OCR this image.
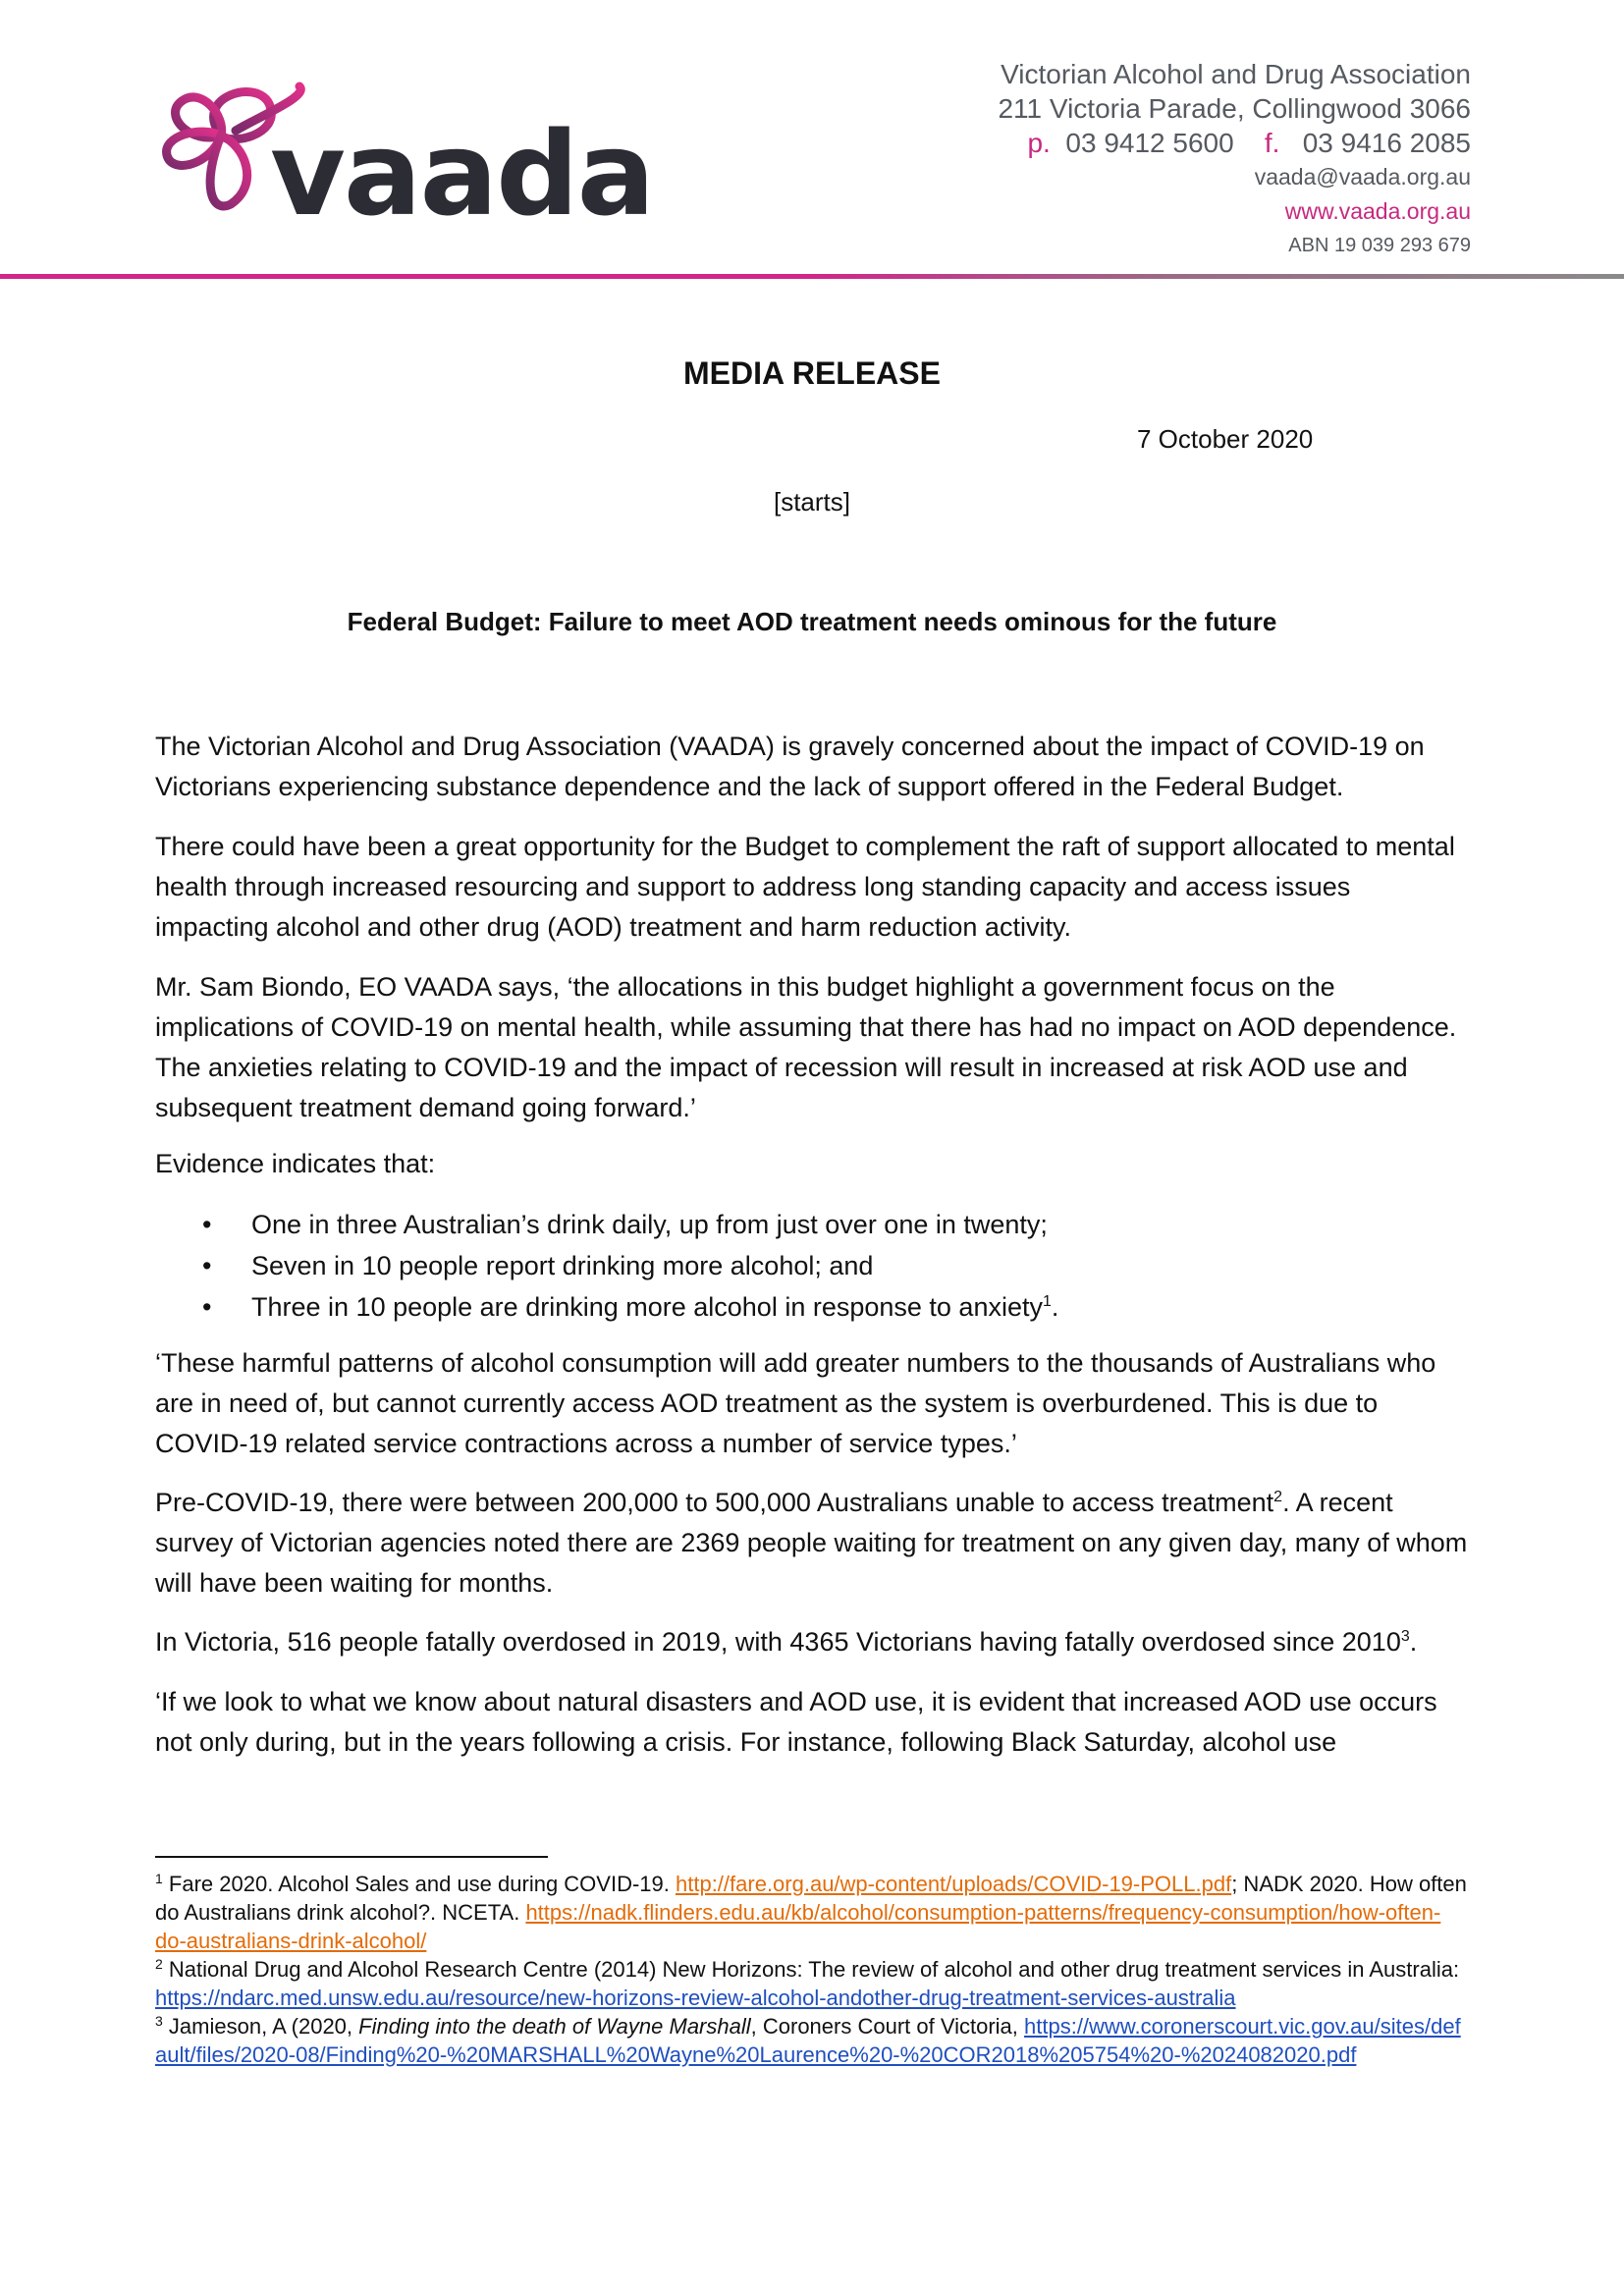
vaada
Victorian Alcohol and Drug Association
211 Victoria Parade, Collingwood 3066
p. 03 9412 5600 f. 03 9416 2085
vaada@vaada.org.au
www.vaada.org.au
ABN 19 039 293 679
MEDIA RELEASE
7 October 2020
[starts]
Federal Budget: Failure to meet AOD treatment needs ominous for the future

The Victorian Alcohol and Drug Association (VAADA) is gravely concerned about the impact of COVID-19 on Victorians experiencing substance dependence and the lack of support offered in the Federal Budget.

There could have been a great opportunity for the Budget to complement the raft of support allocated to mental health through increased resourcing and support to address long standing capacity and access issues impacting alcohol and other drug (AOD) treatment and harm reduction activity.

Mr. Sam Biondo, EO VAADA says, ‘the allocations in this budget highlight a government focus on the implications of COVID-19 on mental health, while assuming that there has had no impact on AOD dependence. The anxieties relating to COVID-19 and the impact of recession will result in increased at risk AOD use and subsequent treatment demand going forward.’

Evidence indicates that:

• One in three Australian’s drink daily, up from just over one in twenty;
• Seven in 10 people report drinking more alcohol; and
• Three in 10 people are drinking more alcohol in response to anxiety$^1$.

‘These harmful patterns of alcohol consumption will add greater numbers to the thousands of Australians who are in need of, but cannot currently access AOD treatment as the system is overburdened. This is due to COVID-19 related service contractions across a number of service types.’

Pre-COVID-19, there were between 200,000 to 500,000 Australians unable to access treatment$^2$. A recent survey of Victorian agencies noted there are 2369 people waiting for treatment on any given day, many of whom will have been waiting for months.

In Victoria, 516 people fatally overdosed in 2019, with 4365 Victorians having fatally overdosed since 2010$^3$.

‘If we look to what we know about natural disasters and AOD use, it is evident that increased AOD use occurs not only during, but in the years following a crisis. For instance, following Black Saturday, alcohol use

$^1$ Fare 2020. Alcohol Sales and use during COVID-19. http://fare.org.au/wp-content/uploads/COVID-19-POLL.pdf; NADK 2020. How often do Australians drink alcohol?. NCETA. https://nadk.flinders.edu.au/kb/alcohol/consumption-patterns/frequency-consumption/how-often-do-australians-drink-alcohol/
$^2$ National Drug and Alcohol Research Centre (2014) New Horizons: The review of alcohol and other drug treatment services in Australia: https://ndarc.med.unsw.edu.au/resource/new-horizons-review-alcohol-andother-drug-treatment-services-australia
$^3$ Jamieson, A (2020, Finding into the death of Wayne Marshall, Coroners Court of Victoria, https://www.coronerscourt.vic.gov.au/sites/default/files/2020-08/Finding%20-%20MARSHALL%20Wayne%20Laurence%20-%20COR2018%205754%20-%2024082020.pdf
